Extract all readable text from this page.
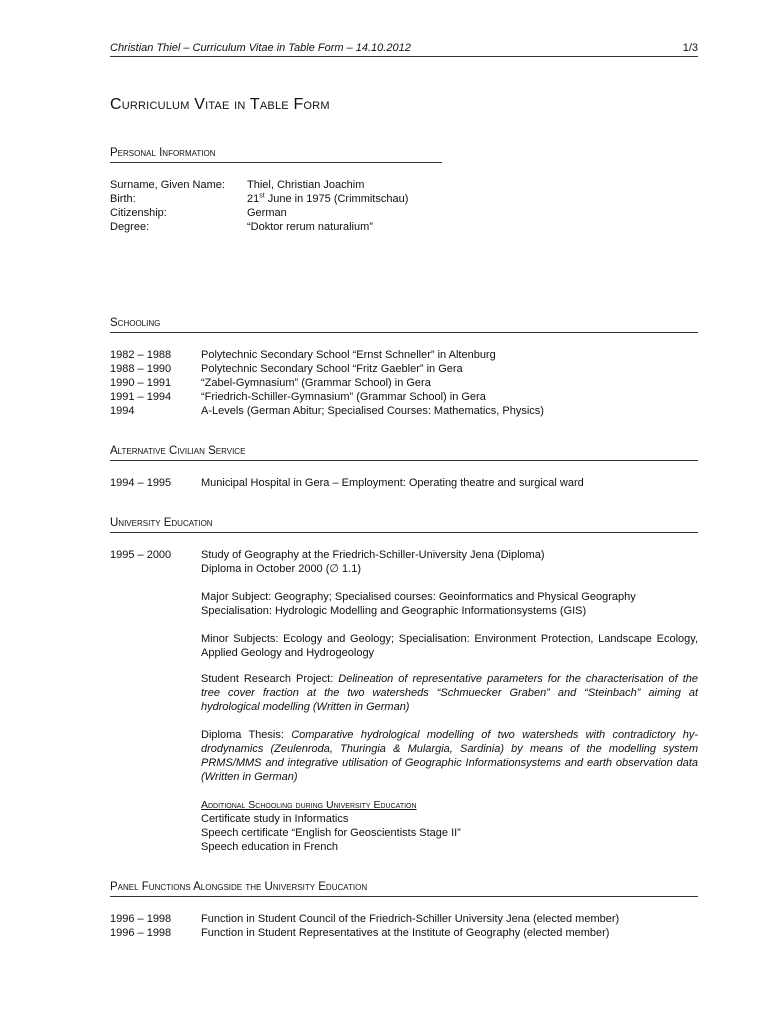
Christian Thiel – Curriculum Vitae in Table Form – 14.10.2012	1/3
Curriculum Vitae in Table Form
Personal Information
Surname, Given Name: Thiel, Christian Joachim
Birth:	21st June in 1975 (Crimmitschau)
Citizenship:	German
Degree:	“Doktor rerum naturalium”
Schooling
1982 – 1988	Polytechnic Secondary School “Ernst Schneller” in Altenburg
1988 – 1990	Polytechnic Secondary School “Fritz Gaebler” in Gera
1990 – 1991	“Zabel-Gymnasium” (Grammar School) in Gera
1991 – 1994	“Friedrich-Schiller-Gymnasium” (Grammar School) in Gera
1994	A-Levels (German Abitur; Specialised Courses: Mathematics, Physics)
Alternative Civilian Service
1994 – 1995	Municipal Hospital in Gera – Employment: Operating theatre and surgical ward
University Education
1995 – 2000	Study of Geography at the Friedrich-Schiller-University Jena (Diploma)
Diploma in October 2000 (∅ 1.1)
Major Subject: Geography; Specialised courses: Geoinformatics and Physical Geography
Specialisation: Hydrologic Modelling and Geographic Informationsystems (GIS)
Minor Subjects: Ecology and Geology; Specialisation: Environment Protection, Landscape Ecology, Applied Geology and Hydrogeology
Student Research Project: Delineation of representative parameters for the characterisation of the tree cover fraction at the two watersheds “Schmuecker Graben” and “Steinbach” aiming at hydrological modelling (Written in German)
Diploma Thesis: Comparative hydrological modelling of two watersheds with contradictory hy-drodynamics (Zeulenroda, Thuringia & Mulargia, Sardinia) by means of the modelling system PRMS/MMS and integrative utilisation of Geographic Informationsystems and earth observation data (Written in German)
Additional Schooling during University Education
Certificate study in Informatics
Speech certificate “English for Geoscientists Stage II”
Speech education in French
Panel Functions Alongside the University Education
1996 – 1998	Function in Student Council of the Friedrich-Schiller University Jena (elected member)
1996 – 1998	Function in Student Representatives at the Institute of Geography (elected member)
